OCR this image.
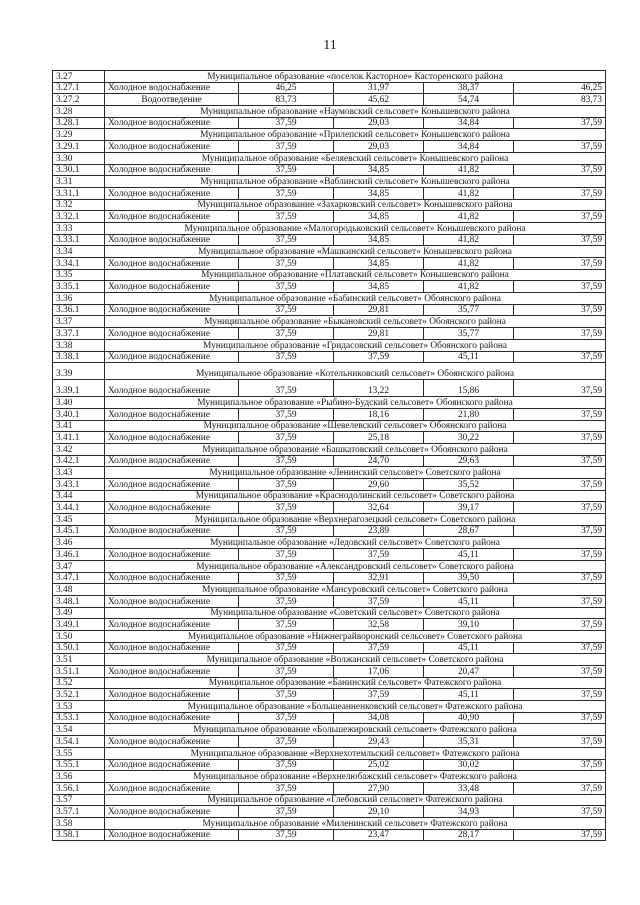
11
3.27	Муниципальное образование «поселок Касторное» Касторенского района				
3.27.1	Холодное водоснабжение	46,25	31,97	38,37	46,25
3.27.2	Водоотведение	83,73	45,62	54,74	83,73
3.28	Муниципальное образование «Наумовский сельсовет» Конышевского района				
3.28.1	Холодное водоснабжение	37,59	29,03	34,84	37,59
3.29	Муниципальное образование «Прилепский сельсовет» Конышевского района				
3.29.1	Холодное водоснабжение	37,59	29,03	34,84	37,59
3.30	Муниципальное образование «Беляевский сельсовет» Конышевского района				
3.30.1	Холодное водоснабжение	37,59	34,85	41,82	37,59
3.31	Муниципальное образование «Ваблинский сельсовет» Конышевского района				
3.31.1	Холодное водоснабжение	37,59	34,85	41,82	37,59
3.32	Муниципальное образование «Захарковский сельсовет» Конышевского района				
3.32.1	Холодное водоснабжение	37,59	34,85	41,82	37,59
3.33	Муниципальное образование «Малогородьковский сельсовет» Конышевского района				
3.33.1	Холодное водоснабжение	37,59	34,85	41,82	37,59
3.34	Муниципальное образование «Машкинский сельсовет» Конышевского района				
3.34.1	Холодное водоснабжение	37,59	34,85	41,82	37,59
3.35	Муниципальное образование «Платавский сельсовет» Конышевского района				
3.35.1	Холодное водоснабжение	37,59	34,85	41,82	37,59
3.36	Муниципальное образование «Бабинский сельсовет» Обоянского района				
3.36.1	Холодное водоснабжение	37,59	29,81	35,77	37,59
3.37	Муниципальное образование «Быкановский сельсовет» Обоянского района				
3.37.1	Холодное водоснабжение	37,59	29,81	35,77	37,59
3.38	Муниципальное образование «Гридасовский сельсовет» Обоянского района				
3.38.1	Холодное водоснабжение	37,59	37,59	45,11	37,59
3.39	Муниципальное образование «Котельниковский сельсовет» Обоянского района				
3.39.1	Холодное водоснабжение	37,59	13,22	15,86	37,59
3.40	Муниципальное образование «Рыбино-Будский сельсовет» Обоянского района				
3.40.1	Холодное водоснабжение	37,59	18,16	21,80	37,59
3.41	Муниципальное образование «Шевелевский сельсовет» Обоянского района				
3.41.1	Холодное водоснабжение	37,59	25,18	30,22	37,59
3.42	Муниципальное образование «Башкатовский сельсовет» Обоянского района				
3.42.1	Холодное водоснабжение	37,59	24,70	29,63	37,59
3.43	Муниципальное образование «Ленинский сельсовет» Советского района				
3.43.1	Холодное водоснабжение	37,59	29,60	35,52	37,59
3.44	Муниципальное образование «Краснодолинский сельсовет» Советского района				
3.44.1	Холодное водоснабжение	37,59	32,64	39,17	37,59
3.45	Муниципальное образование «Верхнерагозецкий сельсовет» Советского района				
3.45.1	Холодное водоснабжение	37,59	23,89	28,67	37,59
3.46	Муниципальное образование «Ледовский сельсовет» Советского района				
3.46.1	Холодное водоснабжение	37,59	37,59	45,11	37,59
3.47	Муниципальное образование «Александровский сельсовет» Советского района				
3.47.1	Холодное водоснабжение	37,59	32,91	39,50	37,59
3.48	Муниципальное образование «Мансуровский сельсовет» Советского района				
3.48.1	Холодное водоснабжение	37,59	37,59	45,11	37,59
3.49	Муниципальное образование «Советский сельсовет» Советского района				
3.49.1	Холодное водоснабжение	37,59	32,58	39,10	37,59
3.50	Муниципальное образование «Нижнеграйворонский сельсовет» Советского района				
3.50.1	Холодное водоснабжение	37,59	37,59	45,11	37,59
3.51	Муниципальное образование «Волжанский сельсовет» Советского района				
3.51.1	Холодное водоснабжение	37,59	17,06	20,47	37,59
3.52	Муниципальное образование «Банинский сельсовет» Фатежского района				
3.52.1	Холодное водоснабжение	37,59	37,59	45,11	37,59
3.53	Муниципальное образование «Большеанненковский сельсовет» Фатежского района				
3.53.1	Холодное водоснабжение	37,59	34,08	40,90	37,59
3.54	Муниципальное образование «Большежировский сельсовет» Фатежского района				
3.54.1	Холодное водоснабжение	37,59	29,43	35,31	37,59
3.55	Муниципальное образование «Верхнехотемльский сельсовет» Фатежского района				
3.55.1	Холодное водоснабжение	37,59	25,02	30,02	37,59
3.56	Муниципальное образование «Верхнелюбажский сельсовет» Фатежского района				
3.56.1	Холодное водоснабжение	37,59	27,90	33,48	37,59
3.57	Муниципальное образование «Глебовский сельсовет» Фатежского района				
3.57.1	Холодное водоснабжение	37,59	29,10	34,93	37,59
3.58	Муниципальное образование «Миленинский сельсовет» Фатежского района				
3.58.1	Холодное водоснабжение	37,59	23,47	28,17	37,59
